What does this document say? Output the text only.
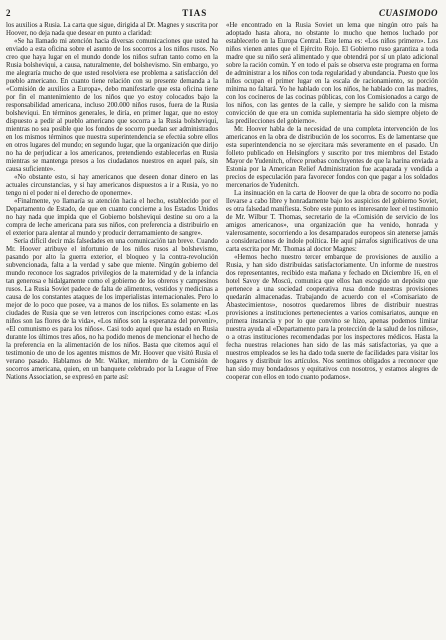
2	TIAS	CUASIMODO

los auxilios a Rusia. La carta que sigue, dirigida al Dr. Magnes y suscrita por Hoover, no deja nada que desear en punto a claridad:

«Se ha llamado mi atención hacia diversas comunicaciones que usted ha enviado a esta oficina sobre el asunto de los socorros a los niños rusos. No creo que haya lugar en el mundo donde los niños sufran tanto como en la Rusia bolsheviqui, a causa, naturalmente, del bolshevismo. Sin embargo, yo me alegraría mucho de que usted resolviera ese problema a satisfacción del pueblo americano. En cuanto tiene relación con su presente demanda a la «Comisión de auxilios a Europa», debo manifestarle que esta oficina tiene por fin el mantenimiento de los niños que yo estoy colocados bajo la responsabilidad americana, incluso 200.000 niños rusos, fuera de la Rusia bolsheviqui. En términos generales, le diría, en primer lugar, que no estoy dispuesto a pedir al pueblo americano que socorra a la Rusia bolsheviqui, mientras no sea posible que los fondos de socorro puedan ser administrados en los mismos términos que nuestra superintendencia se efectúa sobre ellos en otros lugares del mundo; en segundo lugar, que la organización que dirijo no ha de perjudicar a los americanos, pretendiendo establecerlas en Rusia mientras se mantenga presos a los ciudadanos nuestros en aquel país, sin causa suficiente».

«No obstante esto, si hay americanos que deseen donar dinero en las actuales circunstancias, y si hay americanos dispuestos a ir a Rusia, yo no tengo ni el poder ni el derecho de oponerme».

«Finalmente, yo llamaría su atención hacia el hecho, establecido por el Departamento de Estado, de que en cuanto concierne a los Estados Unidos no hay nada que impida que el Gobierno bolsheviqui destine su oro a la compra de leche americana para sus niños, con preferencia a distribuirlo en el exterior para alentar al mundo y producir derramamiento de sangre».

Sería difícil decir más falsedades en una comunicación tan breve. Cuando Mr. Hoover atribuye el infortunio de los niños rusos al bolshevismo, pasando por alto la guerra exterior, el bloqueo y la contra-revolución subvencionada, falta a la verdad y sabe que miente. Ningún gobierno del mundo reconoce los sagrados privilegios de la maternidad y de la infancia tan generosa e hidalgamente como el gobierno de los obreros y campesinos rusos. La Rusia Soviet padece de falta de alimentos, vestidos y medicinas a causa de los constantes ataques de los imperialistas internacionales. Pero lo mejor de lo poco que posee, va a manos de los niños. Es solamente en las ciudades de Rusia que se ven letreros con inscripciones como estas: «Los niños son las flores de la vida», «Los niños son la esperanza del porvenir», «El comunismo es para los niños». Casi todo aquel que ha estado en Rusia durante los últimos tres años, no ha podido menos de mencionar el hecho de la preferencia en la alimentación de los niños. Basta que citemos aquí el testimonio de uno de los agentes mismos de Mr. Hoover que visitó Rusia el verano pasado. Hablamos de Mr. Walker, miembro de la Comisión de socorros americana, quien, en un banquete celebrado por la League of Free Nations Association, se expresó en parte así:

«He encontrado en la Rusia Soviet un lema que ningún otro país ha adoptado hasta ahora, no obstante lo mucho que hemos luchado por establecerlo en la Europa Central. Este lema es: «Los niños primero». Los niños vienen antes que el Ejército Rojo. El Gobierno ruso garantiza a toda madre que su niño será alimentado y que obtendrá por sí un plato adicional sobre la ración común. Y en todo el país se observa este programa en forma de administrar a los niños con toda regularidad y abundancia. Puesto que los niños ocupan el primer lugar en la escala de racionamiento, su porción mínima no faltará. Yo he hablado con los niños, he hablado con las madres, con los cocineros de las cocinas públicas, con los Comisionados a cargo de los niños, con las gentes de la calle, y siempre he salido con la misma convicción de que era un comida suplementaria ha sido siempre objeto de las predilecciones del gobierno».

Mr. Hoover habla de la necesidad de una completa intervención de los americanos en la obra de distribución de los socorros. Es de lamentarse que esta superintendencia no se ejercitara más severamente en el pasado. Un folleto publicado en Helsingfors y suscrito por tres miembros del Estado Mayor de Yudenitch, ofrece pruebas concluyentes de que la harina enviada a Estonia por la American Relief Administration fue acaparada y vendida a precios de especulación para favorecer fondos con que pagar a los soldados mercenarios de Yudenitch.

La insinuación en la carta de Hoover de que la obra de socorro no podía llevarse a cabo libre y honradamente bajo los auspicios del gobierno Soviet, es otra falsedad manifiesta. Sobre este punto es interesante leer el testimonio de Mr. Wilbur T. Thomas, secretario de la «Comisión de servicio de los amigos americanos», una organización que ha venido, honrada y valerosamente, socorriendo a los desamparados europeos sin atenerse jamás a consideraciones de índole política. He aquí párrafos significativos de una carta escrita por Mr. Thomas al doctor Magnes:

«Hemos hecho nuestro tercer embarque de provisiones de auxilio a Rusia, y han sido distribuidas satisfactoriamente. Un informe de nuestros dos representantes, recibido esta mañana y fechado en Diciembre 16, en el hotel Savoy de Moscú, comunica que ellos han escogido un depósito que pertenece a una sociedad cooperativa rusa donde nuestras provisiones quedarán almacenadas. Trabajando de acuerdo con el «Comisariato de Abastecimientos», nosotros quedaremos libres de distribuir nuestras provisiones a instituciones pertenecientes a varios comisariatos, aunque en primera instancia y por lo que convino se hizo, apenas podemos limitar nuestra ayuda al «Departamento para la protección de la salud de los niños», o a otras instituciones recomendadas por los inspectores médicos. Hasta la fecha nuestras relaciones han sido de las más satisfactorias, ya que a nuestros empleados se les ha dado toda suerte de facilidades para visitar los hogares y distribuir los artículos. Nos sentimos obligados a reconocer que han sido muy bondadosos y equitativos con nosotros, y estamos alegres de cooperar con ellos en todo cuanto podamos».
